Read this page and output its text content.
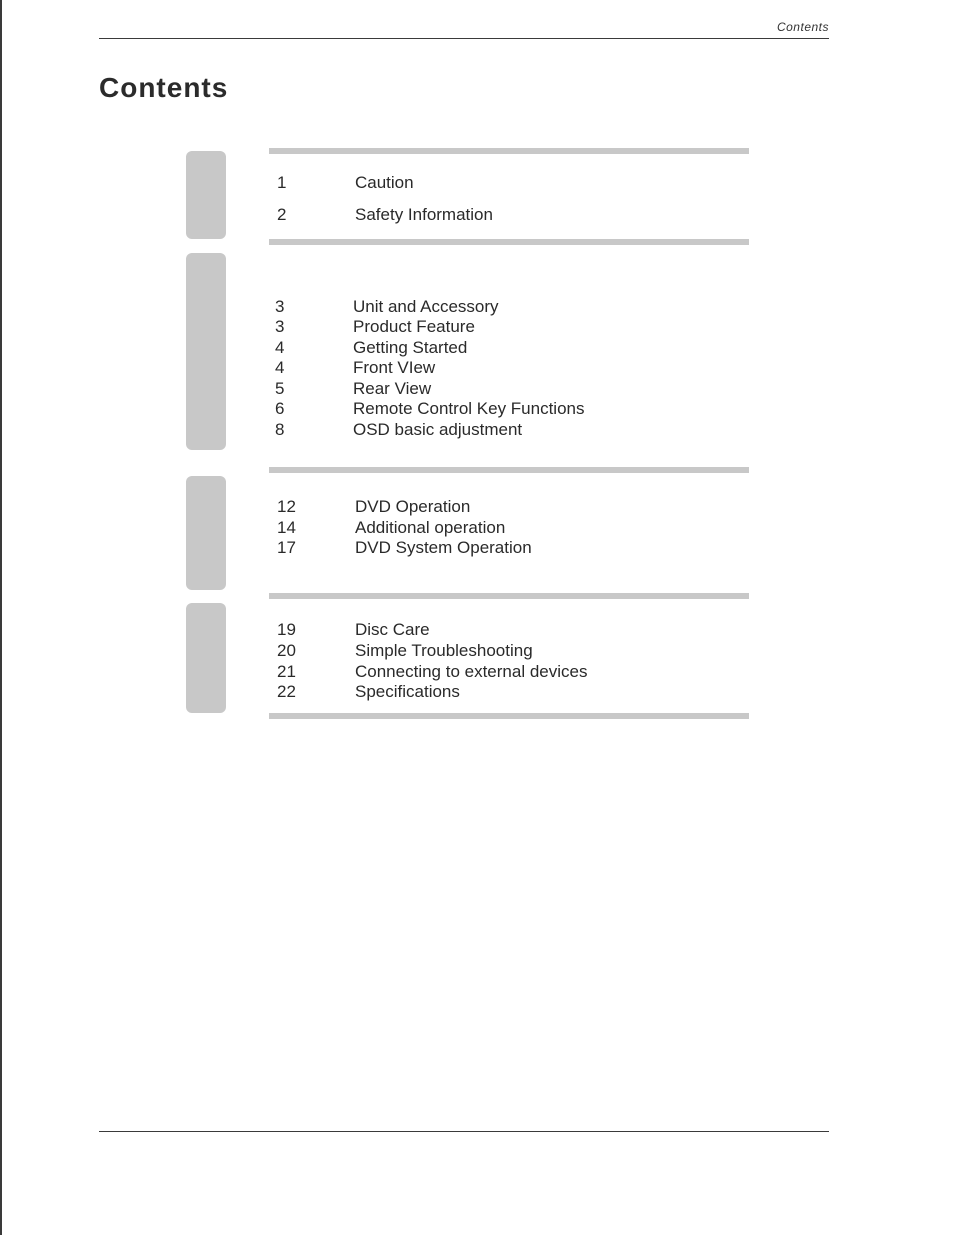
Contents
Contents
1	Caution
2	Safety Information
3	Unit and Accessory
3	Product Feature
4	Getting Started
4	Front VIew
5	Rear View
6	Remote Control Key Functions
8	OSD basic adjustment
12	DVD Operation
14	Additional operation
17	DVD System Operation
19	Disc Care
20	Simple Troubleshooting
21	Connecting to external devices
22	Specifications
